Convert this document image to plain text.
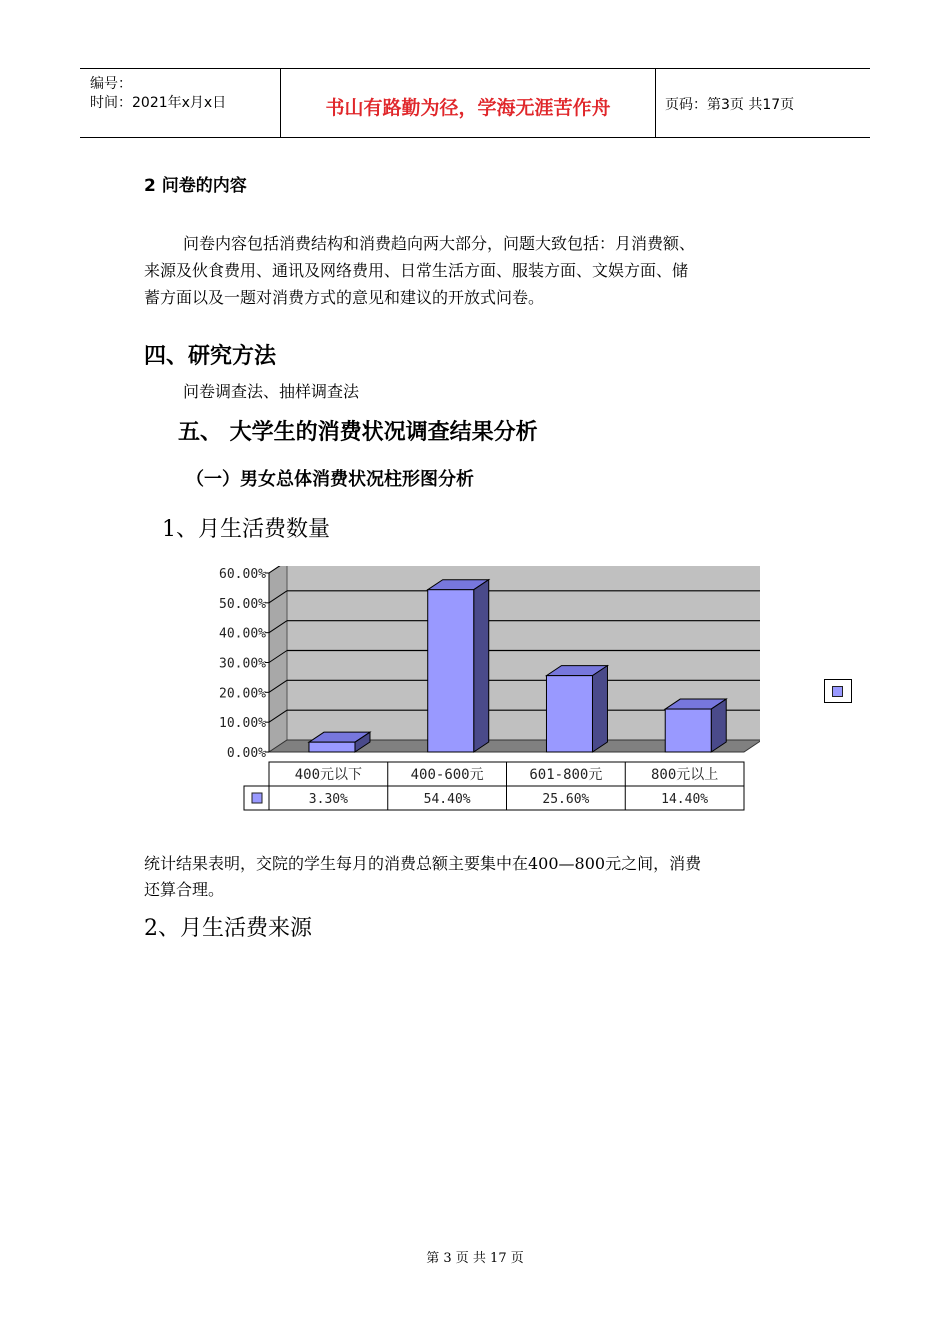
编号：
时间：2021年x月x日	书山有路勤为径，学海无涯苦作舟	页码：第3页 共17页
2 问卷的内容
问卷内容包括消费结构和消费趋向两大部分，问题大致包括：月消费额、
来源及伙食费用、通讯及网络费用、日常生活方面、服装方面、文娱方面、储
蓄方面以及一题对消费方式的意见和建议的开放式问卷。
四、研究方法
问卷调查法、抽样调查法
五、 大学生的消费状况调查结果分析
（一）男女总体消费状况柱形图分析
1、月生活费数量
0.00%
10.00%
20.00%
30.00%
40.00%
50.00%
60.00%
400元以下
3.30%
400-600元
54.40%
601-800元
25.60%
800元以上
14.40%
统计结果表明，交院的学生每月的消费总额主要集中在400—800元之间，消费
还算合理。
2、月生活费来源
第 3 页 共 17 页
